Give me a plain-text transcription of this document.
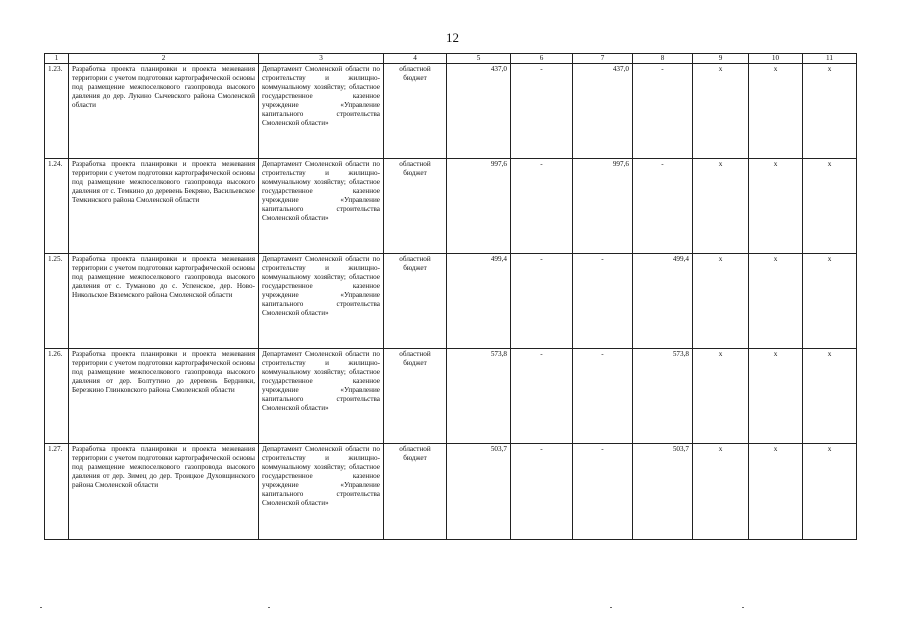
12
1	2	3	4	5	6	7	8	9	10	11
1.23.	Разработка проекта планировки и проекта межевания территории с учетом подготовки картографической основы под размещение межпоселкового газопровода высокого давления до дер. Лукино Сычевского района Смоленской области	Департамент Смоленской области по строительству и жилищно-коммунальному хозяйству; областное государственное казенное учреждение «Управление капитального строительства Смоленской области»	областной бюджет	437,0	-	437,0	-	х	х	х
1.24.	Разработка проекта планировки и проекта межевания территории с учетом подготовки картографической основы под размещение межпоселкового газопровода высокого давления от с. Темкино до деревень Бекряно, Васильевское Темкинского района Смоленской области	Департамент Смоленской области по строительству и жилищно-коммунальному хозяйству; областное государственное казенное учреждение «Управление капитального строительства Смоленской области»	областной бюджет	997,6	-	997,6	-	х	х	х
1.25.	Разработка проекта планировки и проекта межевания территории с учетом подготовки картографической основы под размещение межпоселкового газопровода высокого давления от с. Туманово до с. Успенское, дер. Ново-Никольское Вяземского района Смоленской области	Департамент Смоленской области по строительству и жилищно-коммунальному хозяйству; областное государственное казенное учреждение «Управление капитального строительства Смоленской области»	областной бюджет	499,4	-	-	499,4	х	х	х
1.26.	Разработка проекта планировки и проекта межевания территории с учетом подготовки картографической основы под размещение межпоселкового газопровода высокого давления от дер. Болтутино до деревень Бердники, Березкино Глинковского района Смоленской области	Департамент Смоленской области по строительству и жилищно-коммунальному хозяйству; областное государственное казенное учреждение «Управление капитального строительства Смоленской области»	областной бюджет	573,8	-	-	573,8	х	х	х
1.27.	Разработка проекта планировки и проекта межевания территории с учетом подготовки картографической основы под размещение межпоселкового газопровода высокого давления от дер. Зимец до дер. Троицкое Духовщинского района Смоленской области	Департамент Смоленской области по строительству и жилищно-коммунальному хозяйству; областное государственное казенное учреждение «Управление капитального строительства Смоленской области»	областной бюджет	503,7	-	-	503,7	х	х	х
